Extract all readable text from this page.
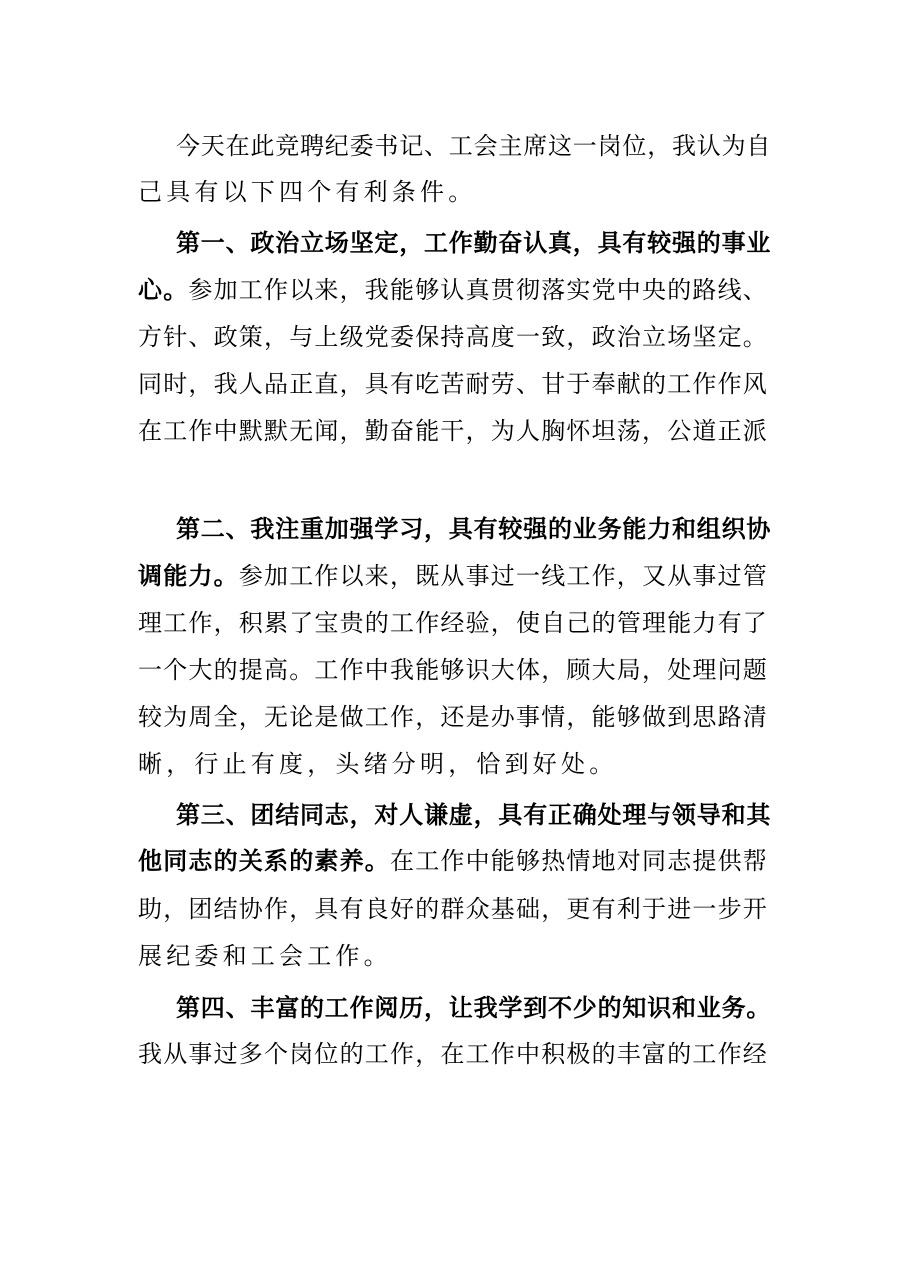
今天在此竞聘纪委书记、工会主席这一岗位，我认为自
己具有以下四个有利条件。
第一、政治立场坚定，工作勤奋认真，具有较强的事业
心。参加工作以来，我能够认真贯彻落实党中央的路线、
方针、政策，与上级党委保持高度一致，政治立场坚定。
同时，我人品正直，具有吃苦耐劳、甘于奉献的工作作风
在工作中默默无闻，勤奋能干，为人胸怀坦荡，公道正派
第二、我注重加强学习，具有较强的业务能力和组织协
调能力。参加工作以来，既从事过一线工作，又从事过管
理工作，积累了宝贵的工作经验，使自己的管理能力有了
一个大的提高。工作中我能够识大体，顾大局，处理问题
较为周全，无论是做工作，还是办事情，能够做到思路清
晰，行止有度，头绪分明，恰到好处。
第三、团结同志，对人谦虚，具有正确处理与领导和其
他同志的关系的素养。在工作中能够热情地对同志提供帮
助，团结协作，具有良好的群众基础，更有利于进一步开
展纪委和工会工作。
第四、丰富的工作阅历，让我学到不少的知识和业务。
我从事过多个岗位的工作，在工作中积极的丰富的工作经
